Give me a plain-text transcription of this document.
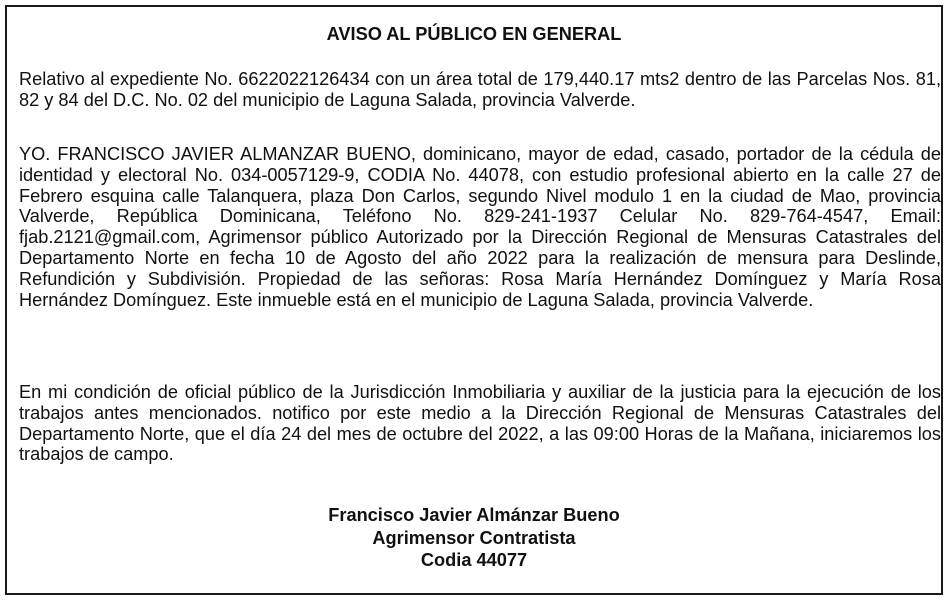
AVISO AL PÚBLICO EN GENERAL

Relativo al expediente No. 6622022126434 con un área total de 179,440.17 mts2 dentro de las Parcelas Nos. 81, 82 y 84 del D.C. No. 02 del municipio de Laguna Salada, provincia Valverde.

YO. FRANCISCO JAVIER ALMANZAR BUENO, dominicano, mayor de edad, casado, portador de la cédula de identidad y electoral No. 034-0057129-9, CODIA No. 44078, con estudio profesional abierto en la calle 27 de Febrero esquina calle Talanquera, plaza Don Carlos, segundo Nivel modulo 1 en la ciudad de Mao, provincia Valverde, República Dominicana, Teléfono No. 829-241-1937 Celular No. 829-764-4547, Email: fjab.2121@gmail.com, Agrimensor público Autorizado por la Dirección Regional de Mensuras Catastrales del Departamento Norte en fecha 10 de Agosto del año 2022 para la realización de mensura para Deslinde, Refundición y Subdivisión. Propiedad de las señoras: Rosa María Hernández Domínguez y María Rosa Hernández Domínguez. Este inmueble está en el municipio de Laguna Salada, provincia Valverde.

En mi condición de oficial público de la Jurisdicción Inmobiliaria y auxiliar de la justicia para la ejecución de los trabajos antes mencionados. notifico por este medio a la Dirección Regional de Mensuras Catastrales del Departamento Norte, que el día 24 del mes de octubre del 2022, a las 09:00 Horas de la Mañana, iniciaremos los trabajos de campo.

Francisco Javier Almánzar Bueno
Agrimensor Contratista
Codia 44077
